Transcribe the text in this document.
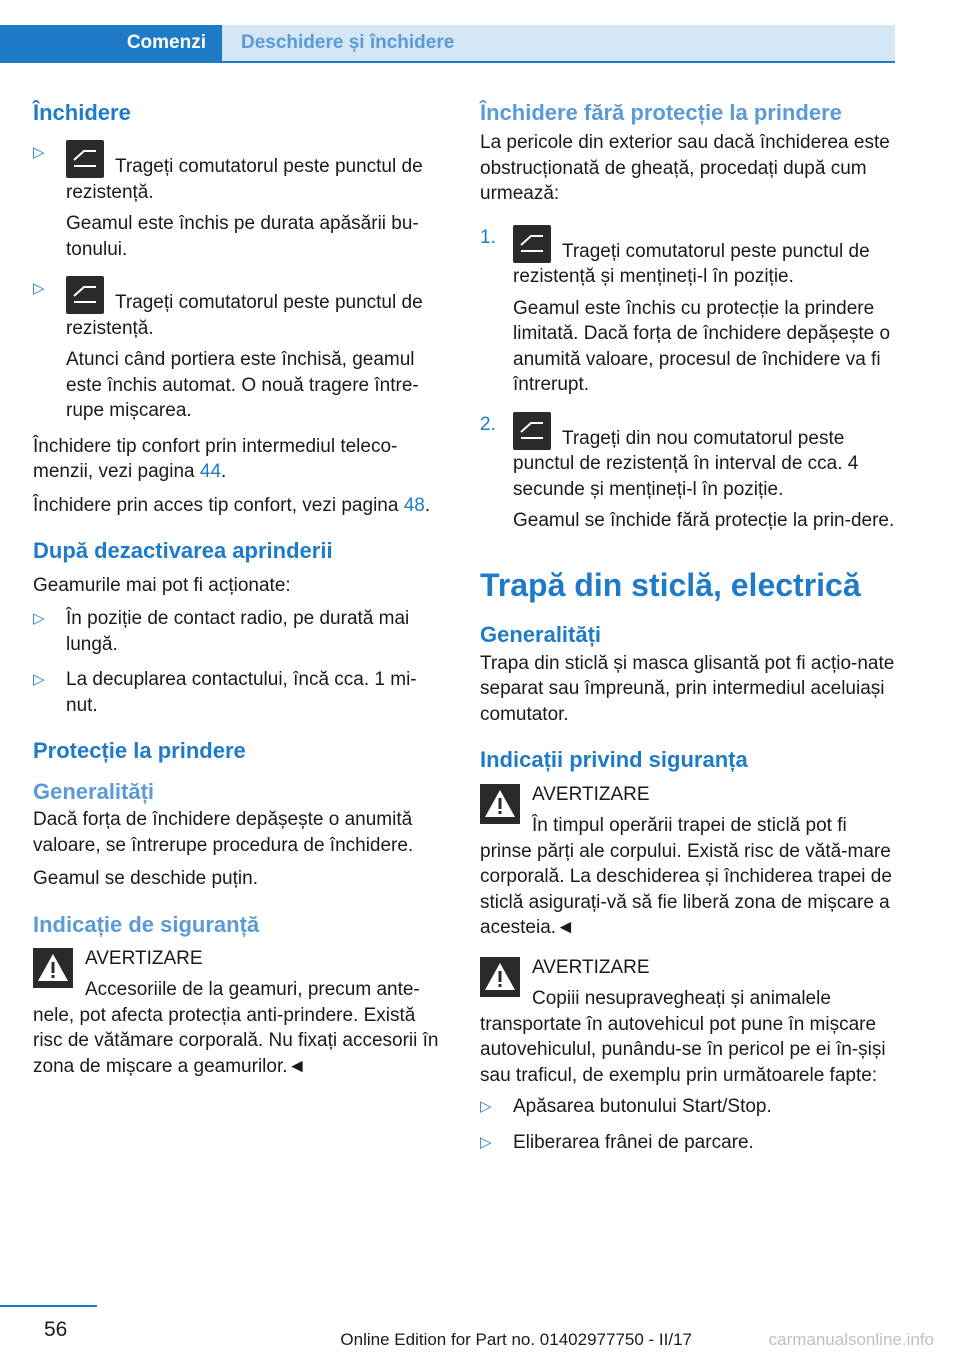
Comenzi	Deschidere și închidere
Închidere
▷

Trageți comutatorul peste punctul de rezistență.

Geamul este închis pe durata apăsării bu-tonului.

▷

Trageți comutatorul peste punctul de rezistență.

Atunci când portiera este închisă, geamul este închis automat. O nouă tragere între-rupe mișcarea.

Închidere tip confort prin intermediul teleco-menzii, vezi pagina 44.

Închidere prin acces tip confort, vezi pagina 48.

După dezactivarea aprinderii

Geamurile mai pot fi acționate:

▷ În poziție de contact radio, pe durată mai lungă.

▷ La decuplarea contactului, încă cca. 1 mi-nut.

Protecție la prindere
Generalități

Dacă forța de închidere depășește o anumită valoare, se întrerupe procedura de închidere.

Geamul se deschide puțin.

Indicație de siguranță

AVERTIZARE

Accesoriile de la geamuri, precum ante-nele, pot afecta protecția anti-prindere. Există risc de vătămare corporală. Nu fixați accesorii în zona de mișcare a geamurilor.◄

Închidere fără protecție la prindere

La pericole din exterior sau dacă închiderea este obstrucționată de gheață, procedați după cum urmează:

1.

Trageți comutatorul peste punctul de rezistență și mențineți-l în poziție.

Geamul este închis cu protecție la prindere limitată. Dacă forța de închidere depășește o anumită valoare, procesul de închidere va fi întrerupt.

2.

Trageți din nou comutatorul peste punctul de rezistență în interval de cca. 4 secunde și mențineți-l în poziție.

Geamul se închide fără protecție la prin-dere.

Trapă din sticlă, electrică
Generalități

Trapa din sticlă și masca glisantă pot fi acțio-nate separat sau împreună, prin intermediul aceluiași comutator.

Indicații privind siguranța

AVERTIZARE

În timpul operării trapei de sticlă pot fi prinse părți ale corpului. Există risc de vătă-mare corporală. La deschiderea și închiderea trapei de sticlă asigurați-vă să fie liberă zona de mișcare a acesteia.◄

AVERTIZARE

Copiii nesupravegheați și animalele transportate în autovehicul pot pune în mișcare autovehiculul, punându-se în pericol pe ei în-șiși sau traficul, de exemplu prin următoarele fapte:

▷ Apăsarea butonului Start/Stop.

▷ Eliberarea frânei de parcare.

56	Online Edition for Part no. 01402977750 - II/17	carmanualsonline.info
